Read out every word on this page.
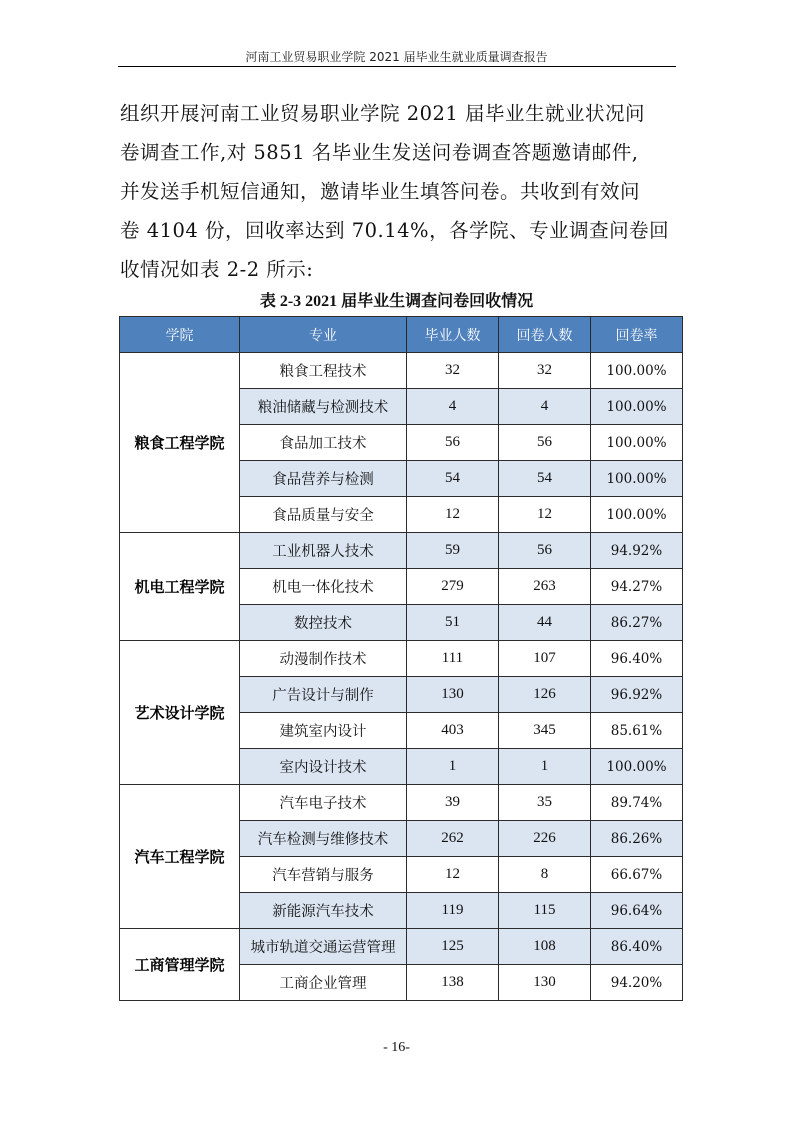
河南工业贸易职业学院 2021 届毕业生就业质量调查报告

组织开展河南工业贸易职业学院 2021 届毕业生就业状况问

卷调查工作,对 5851 名毕业生发送问卷调查答题邀请邮件,

并发送手机短信通知，邀请毕业生填答问卷。共收到有效问

卷 4104 份，回收率达到 70.14%，各学院、专业调查问卷回

收情况如表 2-2 所示:

表 2-3 2021 届毕业生调查问卷回收情况
学院	专业	毕业人数	回卷人数	回卷率
粮食工程学院	粮食工程技术	32	32	100.00%
	粮油储藏与检测技术	4	4	100.00%
	食品加工技术	56	56	100.00%
	食品营养与检测	54	54	100.00%
	食品质量与安全	12	12	100.00%
机电工程学院	工业机器人技术	59	56	94.92%
	机电一体化技术	279	263	94.27%
	数控技术	51	44	86.27%
艺术设计学院	动漫制作技术	111	107	96.40%
	广告设计与制作	130	126	96.92%
	建筑室内设计	403	345	85.61%
	室内设计技术	1	1	100.00%
汽车工程学院	汽车电子技术	39	35	89.74%
	汽车检测与维修技术	262	226	86.26%
	汽车营销与服务	12	8	66.67%
	新能源汽车技术	119	115	96.64%
工商管理学院	城市轨道交通运营管理	125	108	86.40%
	工商企业管理	138	130	94.20%
- 16-
